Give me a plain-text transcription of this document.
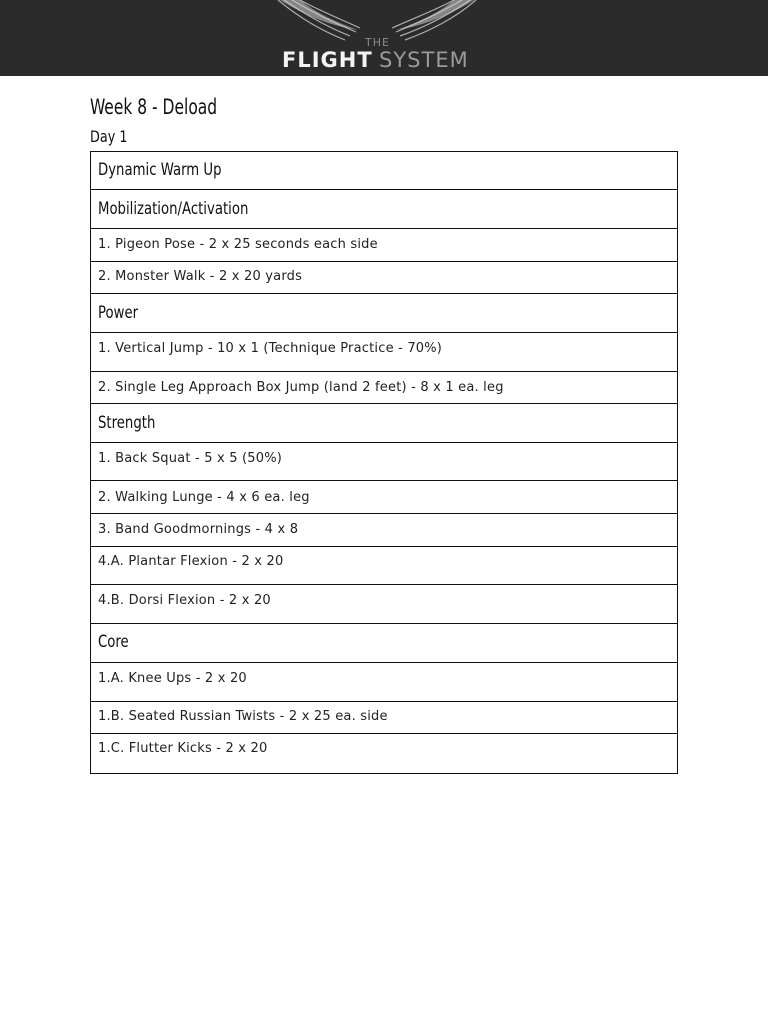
THE
FLIGHT SYSTEM
Week 8 - Deload
Day 1
Dynamic Warm Up
Mobilization/Activation
1. Pigeon Pose - 2 x 25 seconds each side
2. Monster Walk - 2 x 20 yards
Power
1. Vertical Jump - 10 x 1 (Technique Practice - 70%)
2. Single Leg Approach Box Jump (land 2 feet) - 8 x 1 ea. leg
Strength
1. Back Squat - 5 x 5 (50%)
2. Walking Lunge - 4 x 6 ea. leg
3. Band Goodmornings - 4 x 8
4.A. Plantar Flexion - 2 x 20
4.B. Dorsi Flexion - 2 x 20
Core
1.A. Knee Ups - 2 x 20
1.B. Seated Russian Twists - 2 x 25 ea. side
1.C. Flutter Kicks - 2 x 20
